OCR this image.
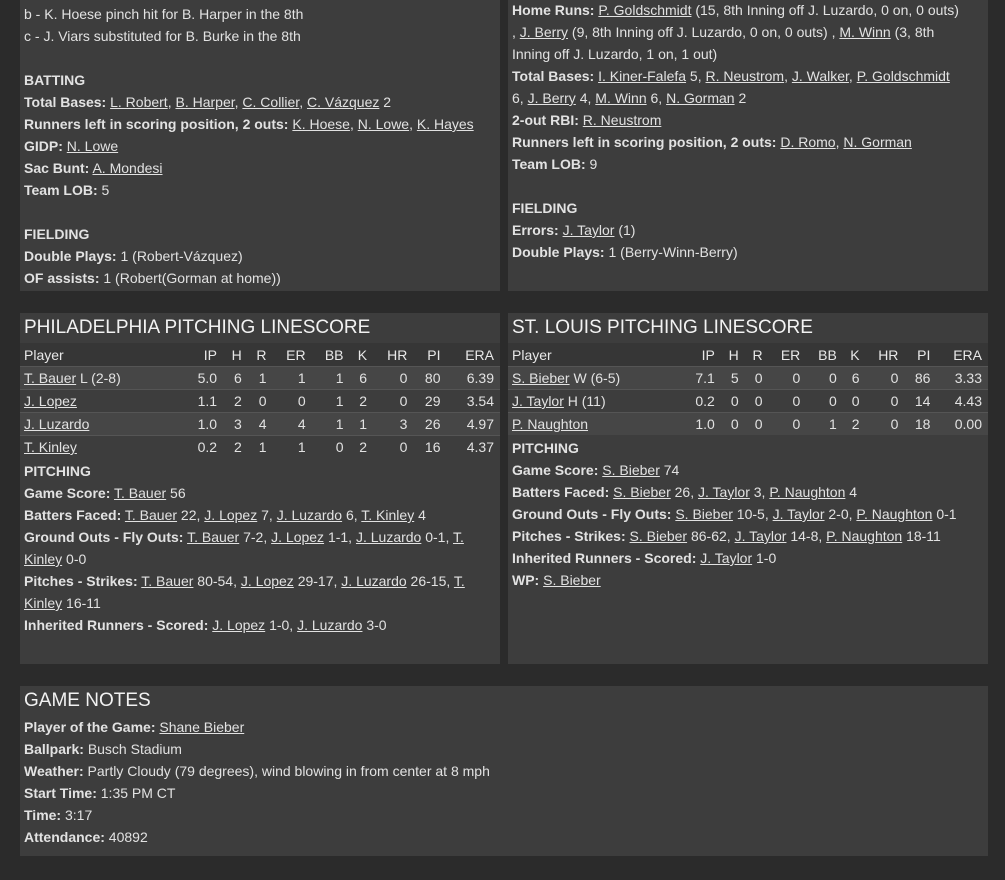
b - K. Hoese pinch hit for B. Harper in the 8th
c - J. Viars substituted for B. Burke in the 8th

BATTING
Total Bases: L. Robert, B. Harper, C. Collier, C. Vázquez 2
Runners left in scoring position, 2 outs: K. Hoese, N. Lowe, K. Hayes
GIDP: N. Lowe
Sac Bunt: A. Mondesi
Team LOB: 5

FIELDING
Double Plays: 1 (Robert-Vázquez)
OF assists: 1 (Robert(Gorman at home))
Home Runs: P. Goldschmidt (15, 8th Inning off J. Luzardo, 0 on, 0 outs)
, J. Berry (9, 8th Inning off J. Luzardo, 0 on, 0 outs) , M. Winn (3, 8th
Inning off J. Luzardo, 1 on, 1 out)
Total Bases: I. Kiner-Falefa 5, R. Neustrom, J. Walker, P. Goldschmidt
6, J. Berry 4, M. Winn 6, N. Gorman 2
2-out RBI: R. Neustrom
Runners left in scoring position, 2 outs: D. Romo, N. Gorman
Team LOB: 9

FIELDING
Errors: J. Taylor (1)
Double Plays: 1 (Berry-Winn-Berry)
PHILADELPHIA PITCHING LINESCORE
Player	IP	H	R	ER	BB	K	HR	PI	ERA
T. Bauer L (2-8)	5.0	6	1	1	1	6	0	80	6.39
J. Lopez	1.1	2	0	0	1	2	0	29	3.54
J. Luzardo	1.0	3	4	4	1	1	3	26	4.97
T. Kinley	0.2	2	1	1	0	2	0	16	4.37
PITCHING
Game Score: T. Bauer 56
Batters Faced: T. Bauer 22, J. Lopez 7, J. Luzardo 6, T. Kinley 4
Ground Outs - Fly Outs: T. Bauer 7-2, J. Lopez 1-1, J. Luzardo 0-1, T.
Kinley 0-0
Pitches - Strikes: T. Bauer 80-54, J. Lopez 29-17, J. Luzardo 26-15, T.
Kinley 16-11
Inherited Runners - Scored: J. Lopez 1-0, J. Luzardo 3-0
ST. LOUIS PITCHING LINESCORE
Player	IP	H	R	ER	BB	K	HR	PI	ERA
S. Bieber W (6-5)	7.1	5	0	0	0	6	0	86	3.33
J. Taylor H (11)	0.2	0	0	0	0	0	0	14	4.43
P. Naughton	1.0	0	0	0	1	2	0	18	0.00
PITCHING
Game Score: S. Bieber 74
Batters Faced: S. Bieber 26, J. Taylor 3, P. Naughton 4
Ground Outs - Fly Outs: S. Bieber 10-5, J. Taylor 2-0, P. Naughton 0-1
Pitches - Strikes: S. Bieber 86-62, J. Taylor 14-8, P. Naughton 18-11
Inherited Runners - Scored: J. Taylor 1-0
WP: S. Bieber
GAME NOTES
Player of the Game: Shane Bieber
Ballpark: Busch Stadium
Weather: Partly Cloudy (79 degrees), wind blowing in from center at 8 mph
Start Time: 1:35 PM CT
Time: 3:17
Attendance: 40892
